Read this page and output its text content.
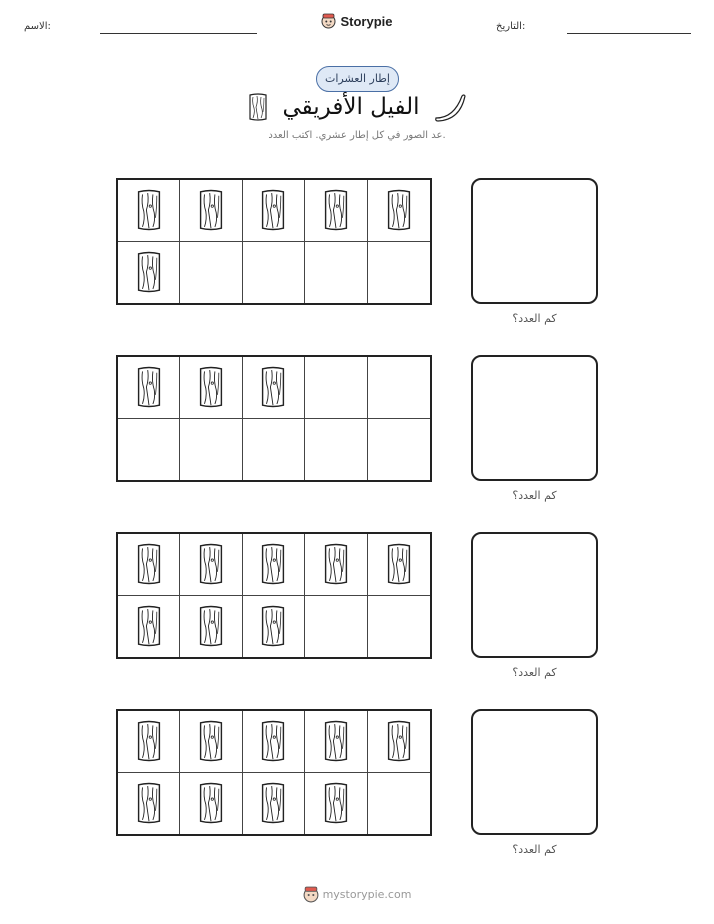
الاسم:	التاريخ:
Storypie
إطار العشرات
الفيل الأفريقي
عد الصور في كل إطار عشري. اكتب العدد.
كم العدد؟
كم العدد؟
كم العدد؟
كم العدد؟
mystorypie.com
